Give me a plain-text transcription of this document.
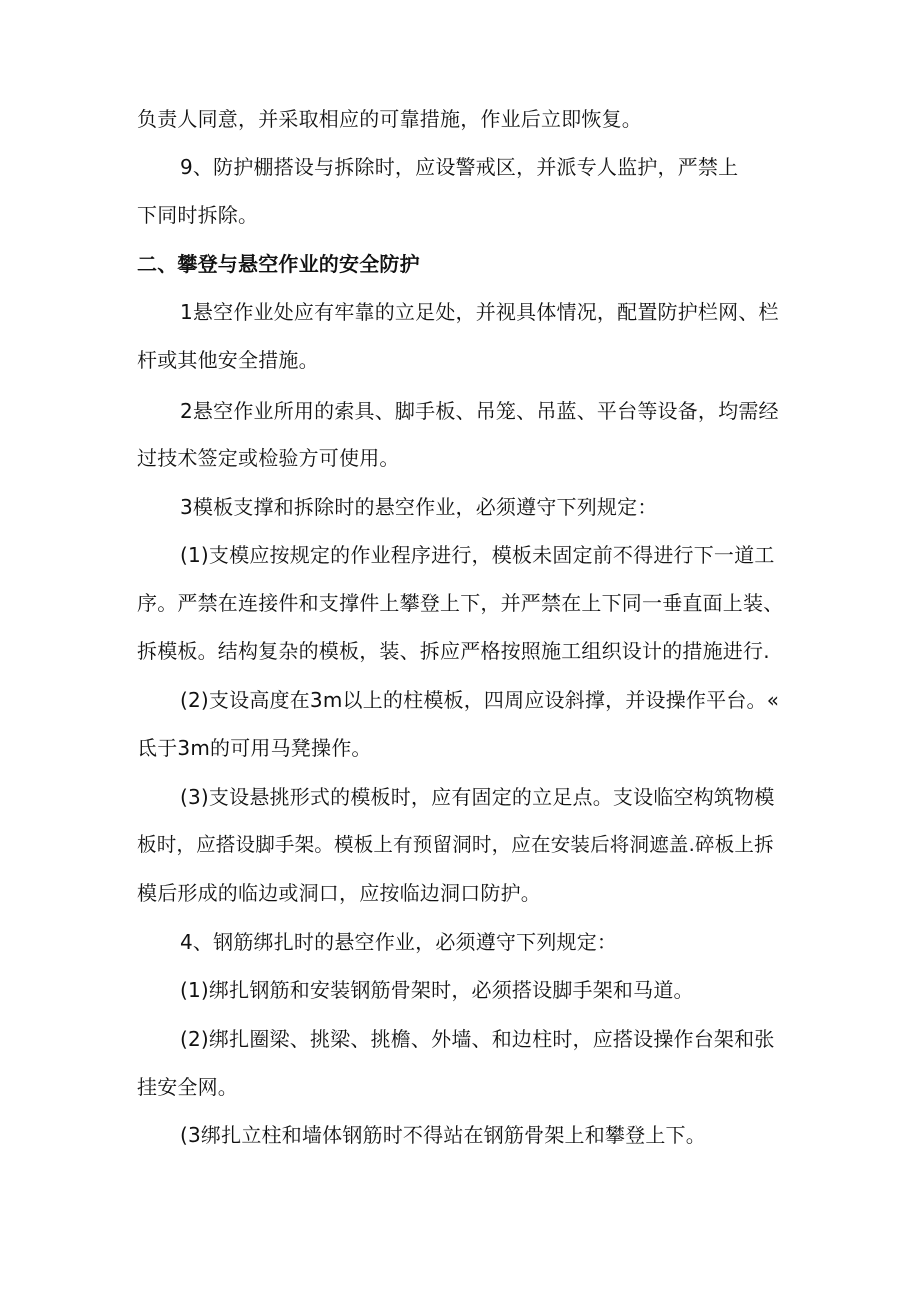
负责人同意，并采取相应的可靠措施，作业后立即恢复。
9、防护棚搭设与拆除时，应设警戒区，并派专人监护，严禁上
下同时拆除。
二、攀登与悬空作业的安全防护
1悬空作业处应有牢靠的立足处，并视具体情况，配置防护栏网、栏
杆或其他安全措施。
2悬空作业所用的索具、脚手板、吊笼、吊蓝、平台等设备，均需经
过技术签定或检验方可使用。
3模板支撑和拆除时的悬空作业，必须遵守下列规定：
(1)支模应按规定的作业程序进行，模板未固定前不得进行下一道工
序。严禁在连接件和支撑件上攀登上下，并严禁在上下同一垂直面上装、
拆模板。结构复杂的模板，装、拆应严格按照施工组织设计的措施进行.
(2)支设高度在3m以上的柱模板，四周应设斜撑，并设操作平台。«
氐于3m的可用马凳操作。
(3)支设悬挑形式的模板时，应有固定的立足点。支设临空构筑物模
板时，应搭设脚手架。模板上有预留洞时，应在安装后将洞遮盖.碎板上拆
模后形成的临边或洞口，应按临边洞口防护。
4、钢筋绑扎时的悬空作业，必须遵守下列规定：
(1)绑扎钢筋和安装钢筋骨架时，必须搭设脚手架和马道。
(2)绑扎圈梁、挑梁、挑檐、外墙、和边柱时，应搭设操作台架和张
挂安全网。
(3绑扎立柱和墙体钢筋时不得站在钢筋骨架上和攀登上下。
